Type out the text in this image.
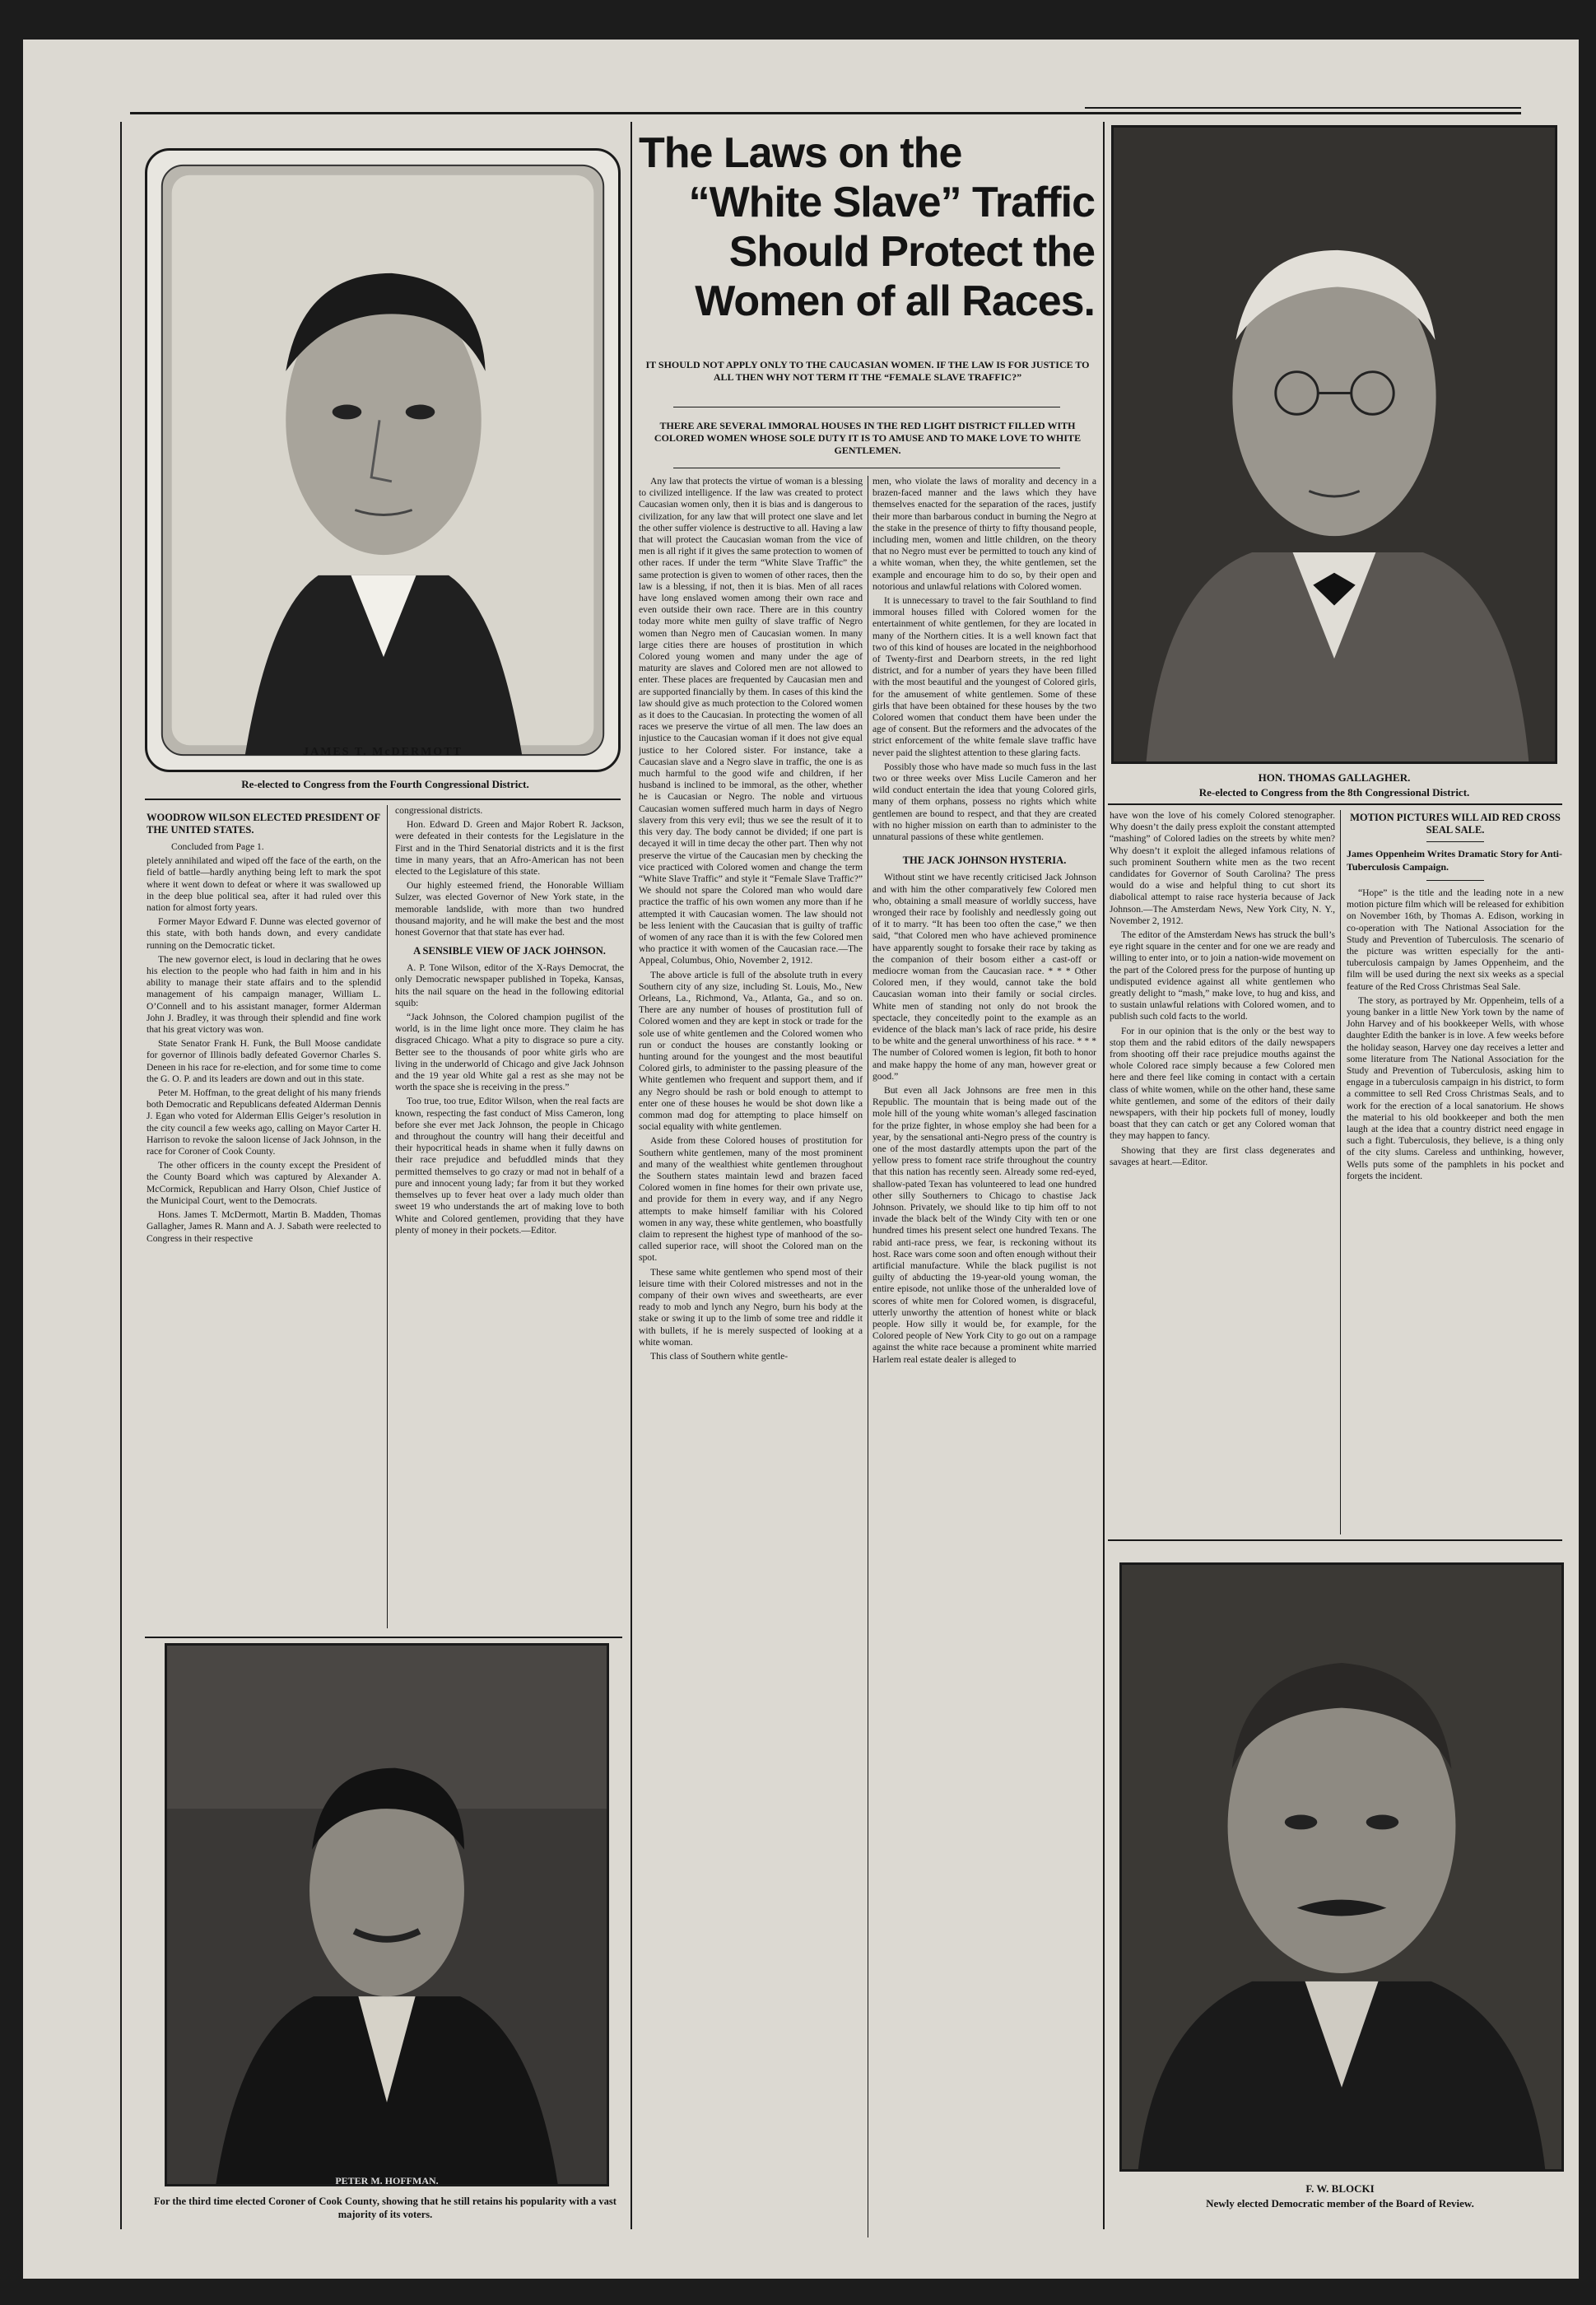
JAMES T. McDERMOTT
Re-elected to Congress from the Fourth Congressional District.
WOODROW WILSON ELECTED PRESIDENT OF THE UNITED STATES.

Concluded from Page 1.

pletely annihilated and wiped off the face of the earth, on the field of battle—hardly anything being left to mark the spot where it went down to defeat or where it was swallowed up in the deep blue political sea, after it had ruled over this nation for almost forty years.

Former Mayor Edward F. Dunne was elected governor of this state, with both hands down, and every candidate running on the Democratic ticket.

The new governor elect, is loud in declaring that he owes his election to the people who had faith in him and in his ability to manage their state affairs and to the splendid management of his campaign manager, William L. O’Connell and to his assistant manager, former Alderman John J. Bradley, it was through their splendid and fine work that his great victory was won.

State Senator Frank H. Funk, the Bull Moose candidate for governor of Illinois badly defeated Governor Charles S. Deneen in his race for re-election, and for some time to come the G. O. P. and its leaders are down and out in this state.

Peter M. Hoffman, to the great delight of his many friends both Democratic and Republicans defeated Alderman Dennis J. Egan who voted for Alderman Ellis Geiger’s resolution in the city council a few weeks ago, calling on Mayor Carter H. Harrison to revoke the saloon license of Jack Johnson, in the race for Coroner of Cook County.

The other officers in the county except the President of the County Board which was captured by Alexander A. McCormick, Republican and Harry Olson, Chief Justice of the Municipal Court, went to the Democrats.

Hons. James T. McDermott, Martin B. Madden, Thomas Gallagher, James R. Mann and A. J. Sabath were reelected to Congress in their respective

congressional districts.

Hon. Edward D. Green and Major Robert R. Jackson, were defeated in their contests for the Legislature in the First and in the Third Senatorial districts and it is the first time in many years, that an Afro-American has not been elected to the Legislature of this state.

Our highly esteemed friend, the Honorable William Sulzer, was elected Governor of New York state, in the memorable landslide, with more than two hundred thousand majority, and he will make the best and the most honest Governor that that state has ever had.

A SENSIBLE VIEW OF JACK JOHNSON.

A. P. Tone Wilson, editor of the X-Rays Democrat, the only Democratic newspaper published in Topeka, Kansas, hits the nail square on the head in the following editorial squib:

“Jack Johnson, the Colored champion pugilist of the world, is in the lime light once more. They claim he has disgraced Chicago. What a pity to disgrace so pure a city. Better see to the thousands of poor white girls who are living in the underworld of Chicago and give Jack Johnson and the 19 year old White gal a rest as she may not be worth the space she is receiving in the press.”

Too true, too true, Editor Wilson, when the real facts are known, respecting the fast conduct of Miss Cameron, long before she ever met Jack Johnson, the people in Chicago and throughout the country will hang their deceitful and their hypocritical heads in shame when it fully dawns on their race prejudice and befuddled minds that they permitted themselves to go crazy or mad not in behalf of a pure and innocent young lady; far from it but they worked themselves up to fever heat over a lady much older than sweet 19 who understands the art of making love to both White and Colored gentlemen, providing that they have plenty of money in their pockets.—Editor.

PETER M. HOFFMAN.
For the third time elected Coroner of Cook County, showing that he still retains his popularity with a vast majority of its voters.
The Laws on the
“White Slave” Traffic
Should Protect the
Women of all Races.
IT SHOULD NOT APPLY ONLY TO THE CAUCASIAN WOMEN. IF THE LAW IS FOR JUSTICE TO ALL THEN WHY NOT TERM IT THE “FEMALE SLAVE TRAFFIC?”
THERE ARE SEVERAL IMMORAL HOUSES IN THE RED LIGHT DISTRICT FILLED WITH COLORED WOMEN WHOSE SOLE DUTY IT IS TO AMUSE AND TO MAKE LOVE TO WHITE GENTLEMEN.

Any law that protects the virtue of woman is a blessing to civilized intelligence. If the law was created to protect Caucasian women only, then it is bias and is dangerous to civilization, for any law that will protect one slave and let the other suffer violence is destructive to all. Having a law that will protect the Caucasian woman from the vice of men is all right if it gives the same protection to women of other races. If under the term “White Slave Traffic” the same protection is given to women of other races, then the law is a blessing, if not, then it is bias. Men of all races have long enslaved women among their own race and even outside their own race. There are in this country today more white men guilty of slave traffic of Negro women than Negro men of Caucasian women. In many large cities there are houses of prostitution in which Colored young women and many under the age of maturity are slaves and Colored men are not allowed to enter. These places are frequented by Caucasian men and are supported financially by them. In cases of this kind the law should give as much protection to the Colored women as it does to the Caucasian. In protecting the women of all races we preserve the virtue of all men. The law does an injustice to the Caucasian woman if it does not give equal justice to her Colored sister. For instance, take a Caucasian slave and a Negro slave in traffic, the one is as much harmful to the good wife and children, if her husband is inclined to be immoral, as the other, whether he is Caucasian or Negro. The noble and virtuous Caucasian women suffered much harm in days of Negro slavery from this very evil; thus we see the result of it to this very day. The body cannot be divided; if one part is decayed it will in time decay the other part. Then why not preserve the virtue of the Caucasian men by checking the vice practiced with Colored women and change the term “White Slave Traffic” and style it “Female Slave Traffic?” We should not spare the Colored man who would dare practice the traffic of his own women any more than if he attempted it with Caucasian women. The law should not be less lenient with the Caucasian that is guilty of traffic of women of any race than it is with the few Colored men who practice it with women of the Caucasian race.—The Appeal, Columbus, Ohio, November 2, 1912.

The above article is full of the absolute truth in every Southern city of any size, including St. Louis, Mo., New Orleans, La., Richmond, Va., Atlanta, Ga., and so on. There are any number of houses of prostitution full of Colored women and they are kept in stock or trade for the sole use of white gentlemen and the Colored women who run or conduct the houses are constantly looking or hunting around for the youngest and the most beautiful Colored girls, to administer to the passing pleasure of the White gentlemen who frequent and support them, and if any Negro should be rash or bold enough to attempt to enter one of these houses he would be shot down like a common mad dog for attempting to place himself on social equality with white gentlemen.

Aside from these Colored houses of prostitution for Southern white gentlemen, many of the most prominent and many of the wealthiest white gentlemen throughout the Southern states maintain lewd and brazen faced Colored women in fine homes for their own private use, and provide for them in every way, and if any Negro attempts to make himself familiar with his Colored women in any way, these white gentlemen, who boastfully claim to represent the highest type of manhood of the so-called superior race, will shoot the Colored man on the spot.

These same white gentlemen who spend most of their leisure time with their Colored mistresses and not in the company of their own wives and sweethearts, are ever ready to mob and lynch any Negro, burn his body at the stake or swing it up to the limb of some tree and riddle it with bullets, if he is merely suspected of looking at a white woman.

This class of Southern white gentle-

men, who violate the laws of morality and decency in a brazen-faced manner and the laws which they have themselves enacted for the separation of the races, justify their more than barbarous conduct in burning the Negro at the stake in the presence of thirty to fifty thousand people, including men, women and little children, on the theory that no Negro must ever be permitted to touch any kind of a white woman, when they, the white gentlemen, set the example and encourage him to do so, by their open and notorious and unlawful relations with Colored women.

It is unnecessary to travel to the fair Southland to find immoral houses filled with Colored women for the entertainment of white gentlemen, for they are located in many of the Northern cities. It is a well known fact that two of this kind of houses are located in the neighborhood of Twenty-first and Dearborn streets, in the red light district, and for a number of years they have been filled with the most beautiful and the youngest of Colored girls, for the amusement of white gentlemen. Some of these girls that have been obtained for these houses by the two Colored women that conduct them have been under the age of consent. But the reformers and the advocates of the strict enforcement of the white female slave traffic have never paid the slightest attention to these glaring facts.

Possibly those who have made so much fuss in the last two or three weeks over Miss Lucile Cameron and her wild conduct entertain the idea that young Colored girls, many of them orphans, possess no rights which white gentlemen are bound to respect, and that they are created with no higher mission on earth than to administer to the unnatural passions of these white gentlemen.

THE JACK JOHNSON HYSTERIA.

Without stint we have recently criticised Jack Johnson and with him the other comparatively few Colored men who, obtaining a small measure of worldly success, have wronged their race by foolishly and needlessly going out of it to marry. “It has been too often the case,” we then said, “that Colored men who have achieved prominence have apparently sought to forsake their race by taking as the companion of their bosom either a cast-off or mediocre woman from the Caucasian race. * * * Other Colored men, if they would, cannot take the bold Caucasian woman into their family or social circles. White men of standing not only do not brook the spectacle, they conceitedly point to the example as an evidence of the black man’s lack of race pride, his desire to be white and the general unworthiness of his race. * * * The number of Colored women is legion, fit both to honor and make happy the home of any man, however great or good.”

But even all Jack Johnsons are free men in this Republic. The mountain that is being made out of the mole hill of the young white woman’s alleged fascination for the prize fighter, in whose employ she had been for a year, by the sensational anti-Negro press of the country is one of the most dastardly attempts upon the part of the yellow press to foment race strife throughout the country that this nation has recently seen. Already some red-eyed, shallow-pated Texan has volunteered to lead one hundred other silly Southerners to Chicago to chastise Jack Johnson. Privately, we should like to tip him off to not invade the black belt of the Windy City with ten or one hundred times his present select one hundred Texans. The rabid anti-race press, we fear, is reckoning without its host. Race wars come soon and often enough without their artificial manufacture. While the black pugilist is not guilty of abducting the 19-year-old young woman, the entire episode, not unlike those of the unheralded love of scores of white men for Colored women, is disgraceful, utterly unworthy the attention of honest white or black people. How silly it would be, for example, for the Colored people of New York City to go out on a rampage against the white race because a prominent white married Harlem real estate dealer is alleged to

HON. THOMAS GALLAGHER.
Re-elected to Congress from the 8th Congressional District.

have won the love of his comely Colored stenographer. Why doesn’t the daily press exploit the constant attempted “mashing” of Colored ladies on the streets by white men? Why doesn’t it exploit the alleged infamous relations of such prominent Southern white men as the two recent candidates for Governor of South Carolina? The press would do a wise and helpful thing to cut short its diabolical attempt to raise race hysteria because of Jack Johnson.—The Amsterdam News, New York City, N. Y., November 2, 1912.

The editor of the Amsterdam News has struck the bull’s eye right square in the center and for one we are ready and willing to enter into, or to join a nation-wide movement on the part of the Colored press for the purpose of hunting up undisputed evidence against all white gentlemen who greatly delight to “mash,” make love, to hug and kiss, and to sustain unlawful relations with Colored women, and to publish such cold facts to the world.

For in our opinion that is the only or the best way to stop them and the rabid editors of the daily newspapers from shooting off their race prejudice mouths against the whole Colored race simply because a few Colored men here and there feel like coming in contact with a certain class of white women, while on the other hand, these same white gentlemen, and some of the editors of their daily newspapers, with their hip pockets full of money, loudly boast that they can catch or get any Colored woman that they may happen to fancy.

Showing that they are first class degenerates and savages at heart.—Editor.

MOTION PICTURES WILL AID RED CROSS SEAL SALE.

James Oppenheim Writes Dramatic Story for Anti-Tuberculosis Campaign.

“Hope” is the title and the leading note in a new motion picture film which will be released for exhibition on November 16th, by Thomas A. Edison, working in co-operation with The National Association for the Study and Prevention of Tuberculosis. The scenario of the picture was written especially for the anti-tuberculosis campaign by James Oppenheim, and the film will be used during the next six weeks as a special feature of the Red Cross Christmas Seal Sale.

The story, as portrayed by Mr. Oppenheim, tells of a young banker in a little New York town by the name of John Harvey and of his bookkeeper Wells, with whose daughter Edith the banker is in love. A few weeks before the holiday season, Harvey one day receives a letter and some literature from The National Association for the Study and Prevention of Tuberculosis, asking him to engage in a tuberculosis campaign in his district, to form a committee to sell Red Cross Christmas Seals, and to work for the erection of a local sanatorium. He shows the material to his old bookkeeper and both the men laugh at the idea that a country district need engage in such a fight. Tuberculosis, they believe, is a thing only of the city slums. Careless and unthinking, however, Wells puts some of the pamphlets in his pocket and forgets the incident.

F. W. BLOCKI
Newly elected Democratic member of the Board of Review.
